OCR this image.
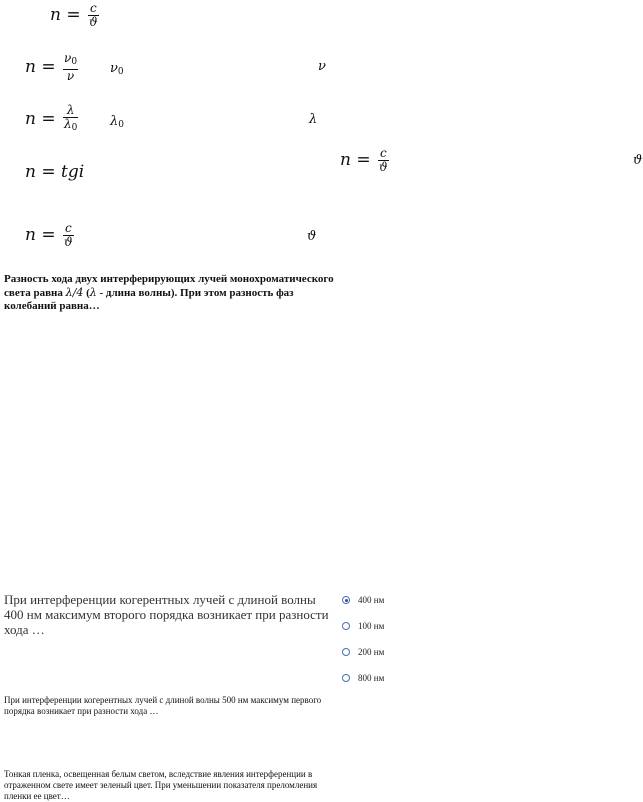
$n = \frac{c}{ϑ}$
$n = \frac{\nu_0}{\nu} \nu_0$	ν
$n = \frac{\lambda}{\lambda_0} \lambda_0$	λ
n = tgi
$n = \frac{c}{ϑ}$	ϑ
$n = \frac{c}{ϑ}$	ϑ
Разность хода двух интерферирующих лучей монохроматического света равна λ/4 (λ - длина волны). При этом разность фаз колебаний равна…
При интерференции когерентных лучей с длиной волны 400 нм максимум второго порядка возникает при разности хода …
400 нм
100 нм
200 нм
800 нм
При интерференции когерентных лучей с длиной волны 500 нм максимум первого порядка возникает при разности хода …
Тонкая пленка, освещенная белым светом, вследствие явления интерференции в отраженном свете имеет зеленый цвет. При уменьшении показателя преломления пленки ее цвет…
